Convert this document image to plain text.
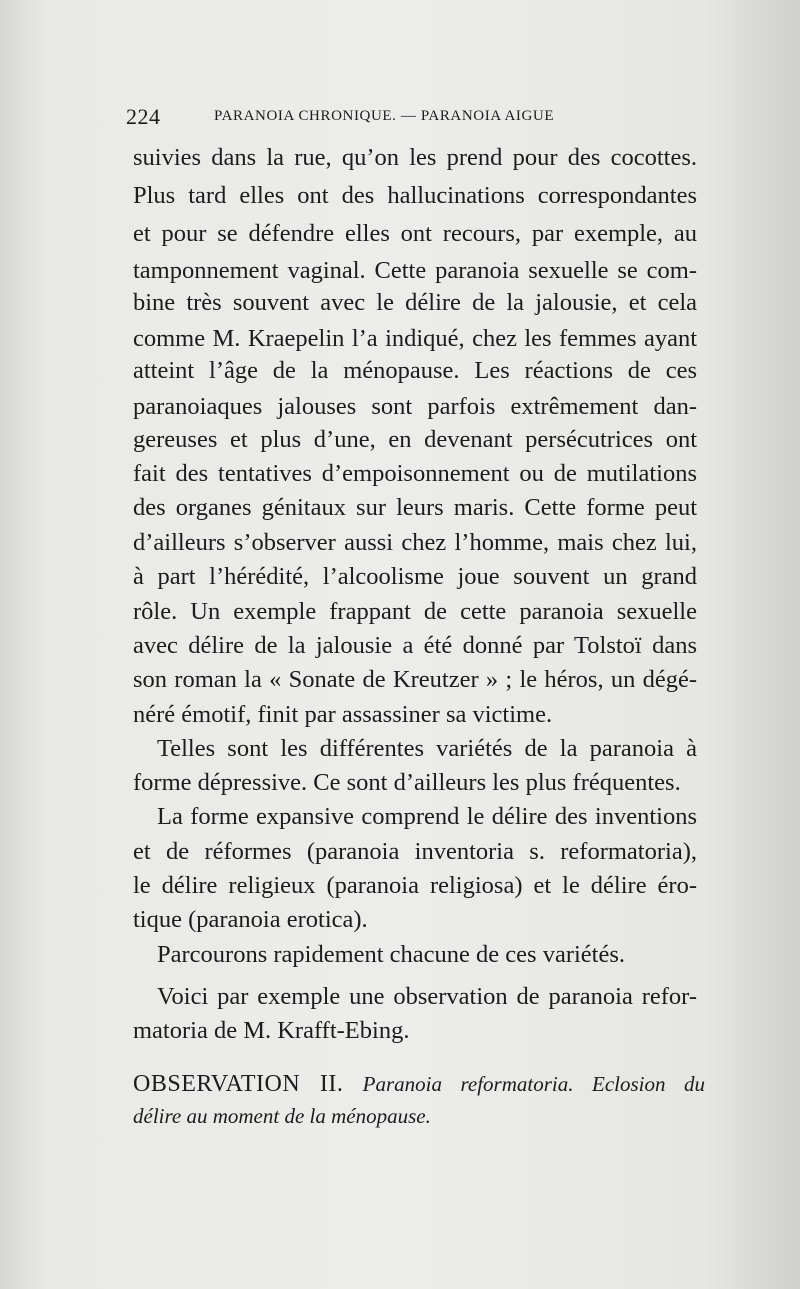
224	PARANOIA CHRONIQUE. — PARANOIA AIGUE
suivies dans la rue, qu’on les prend pour des cocottes.
Plus tard elles ont des hallucinations correspondantes
et pour se défendre elles ont recours, par exemple, au
tamponnement vaginal. Cette paranoia sexuelle se com-
bine très souvent avec le délire de la jalousie, et cela
comme M. Kraepelin l’a indiqué, chez les femmes ayant
atteint l’âge de la ménopause. Les réactions de ces
paranoiaques jalouses sont parfois extrêmement dan-
gereuses et plus d’une, en devenant persécutrices ont
fait des tentatives d’empoisonnement ou de mutilations
des organes génitaux sur leurs maris. Cette forme peut
d’ailleurs s’observer aussi chez l’homme, mais chez lui,
à part l’hérédité, l’alcoolisme joue souvent un grand
rôle. Un exemple frappant de cette paranoia sexuelle
avec délire de la jalousie a été donné par Tolstoï dans
son roman la « Sonate de Kreutzer » ; le héros, un dégé-
néré émotif, finit par assassiner sa victime.
Telles sont les différentes variétés de la paranoia à
forme dépressive. Ce sont d’ailleurs les plus fréquentes.
La forme expansive comprend le délire des inventions
et de réformes (paranoia inventoria s. reformatoria),
le délire religieux (paranoia religiosa) et le délire éro-
tique (paranoia erotica).
Parcourons rapidement chacune de ces variétés.
Voici par exemple une observation de paranoia refor-
matoria de M. Krafft-Ebing.
OBSERVATION II. Paranoia reformatoria. Eclosion du
délire au moment de la ménopause.
